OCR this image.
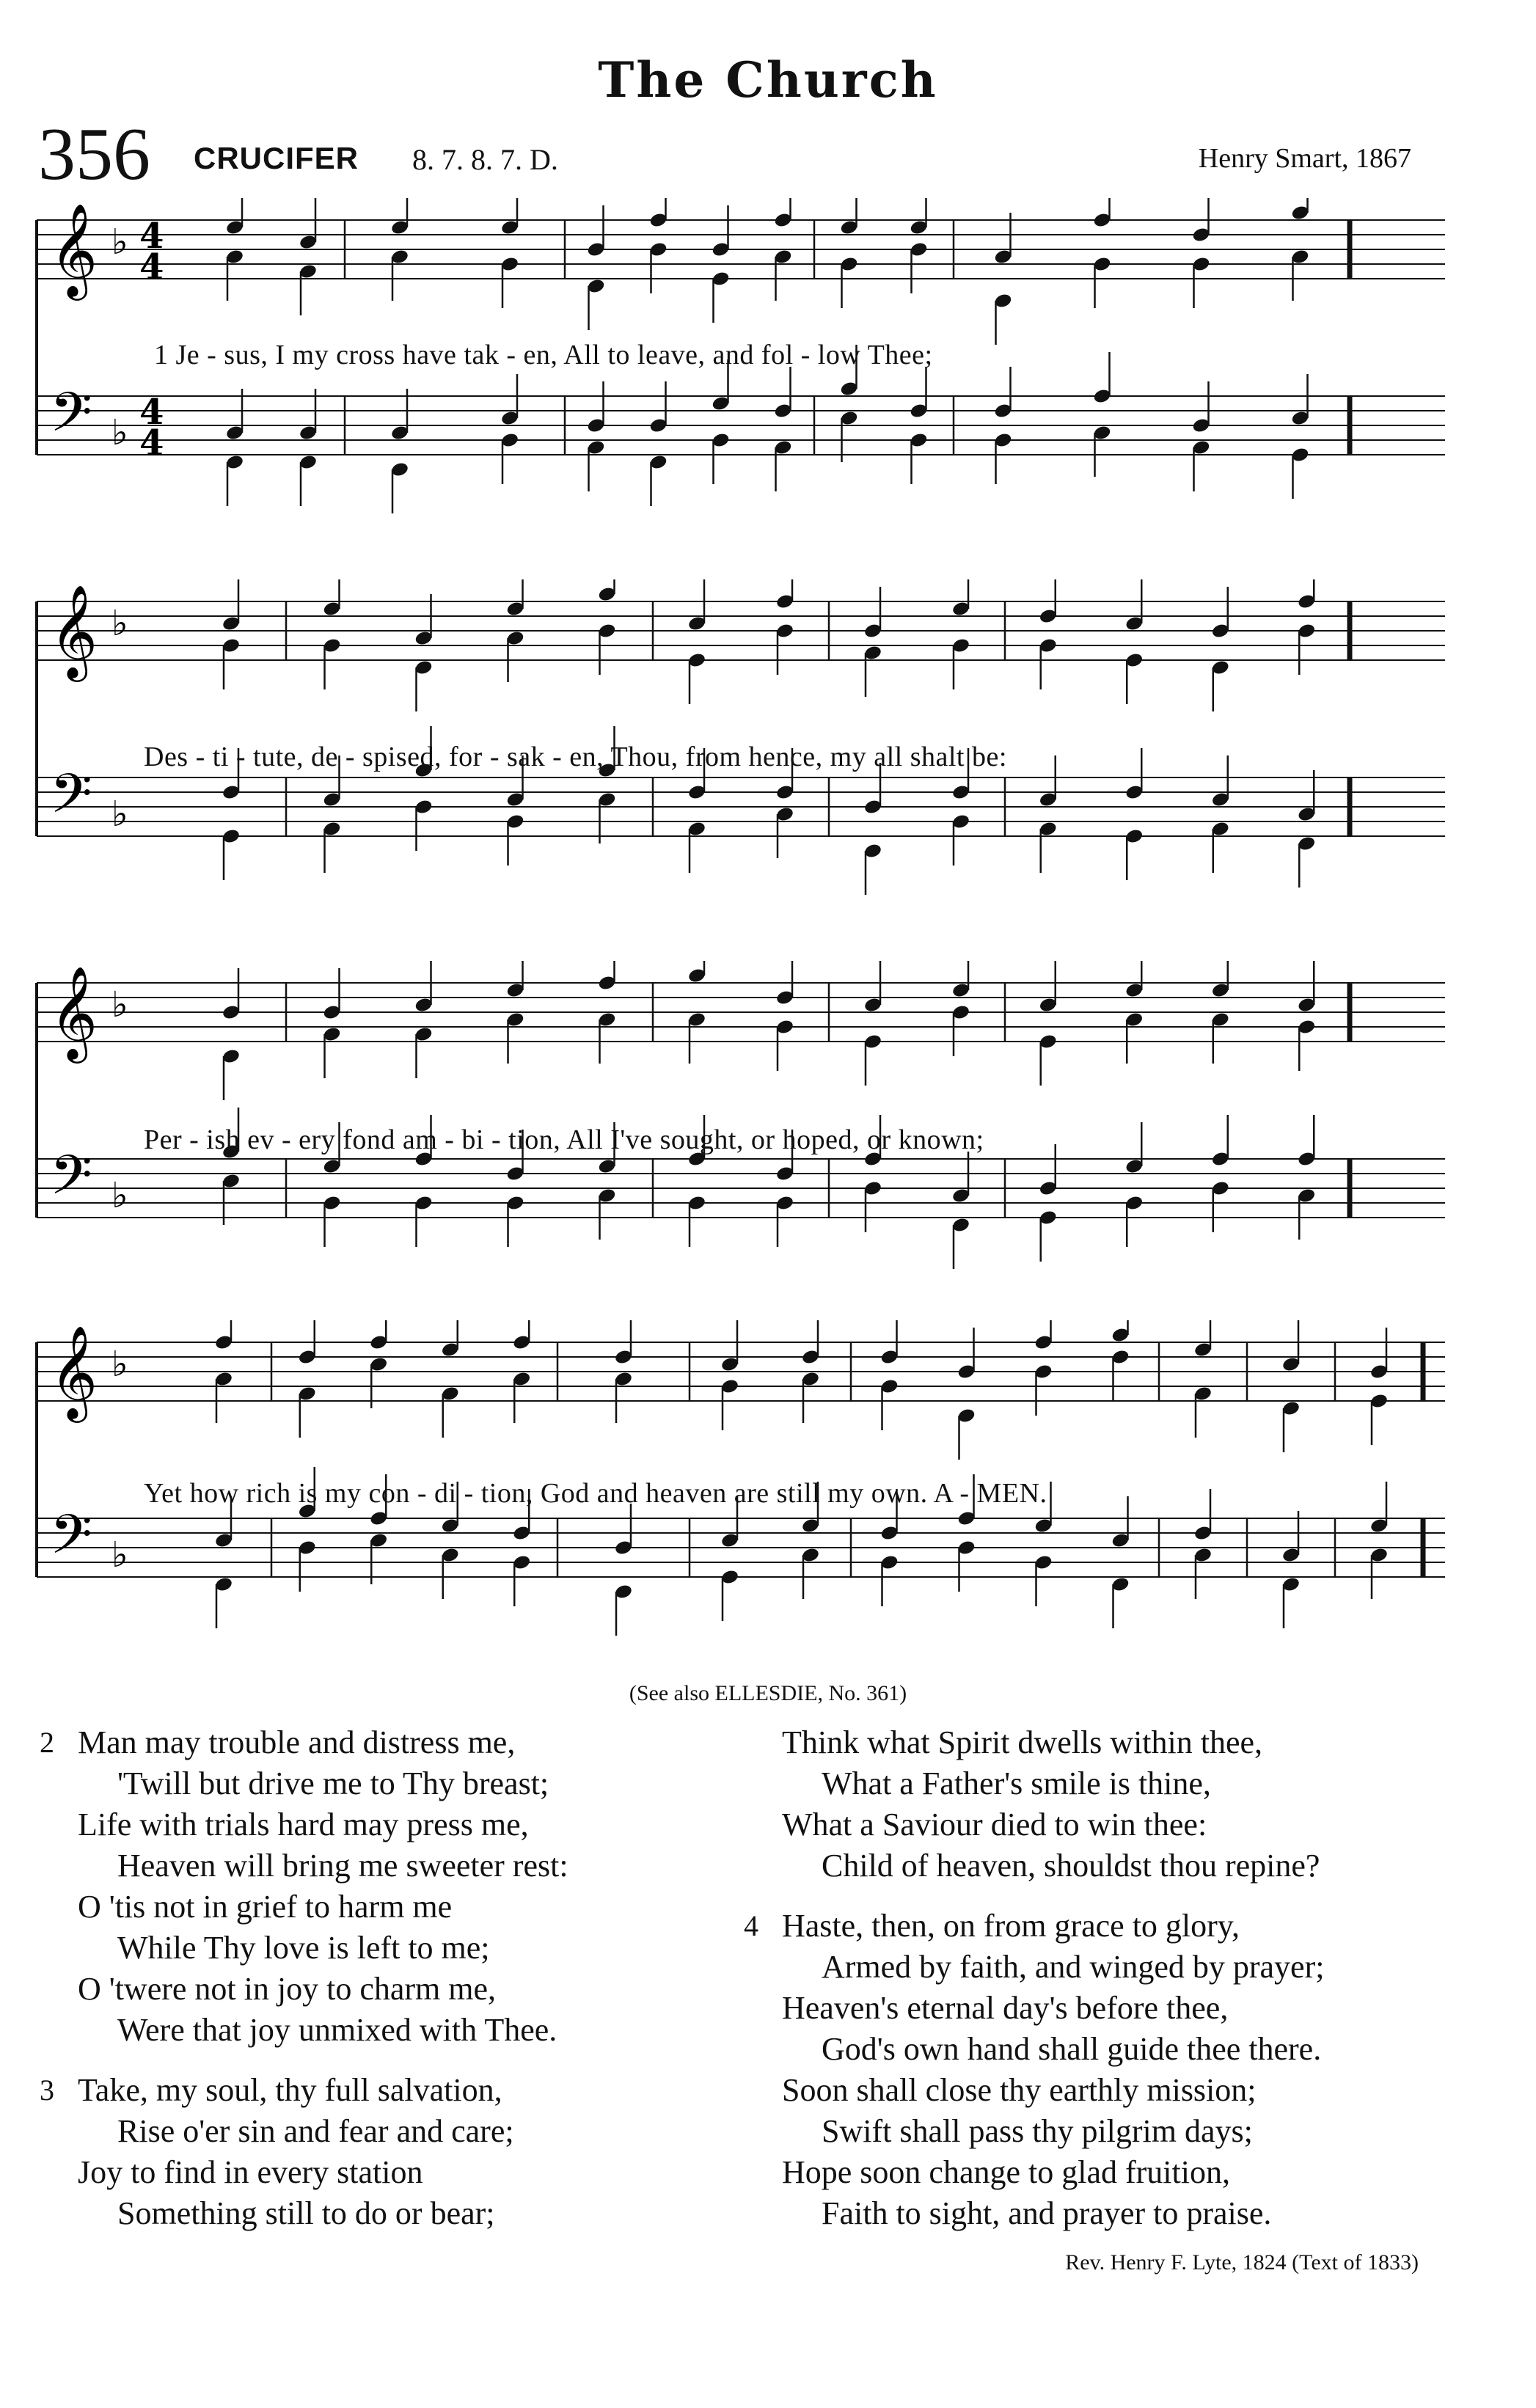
The Church
356 CRUCIFER 8. 7. 8. 7. D.	Henry Smart, 1867
𝄞
𝄢
♭
♭
4
4
4
4
1 Je - sus, I my cross have tak - en, All to leave, and fol - low Thee;
𝄞
𝄢
♭
♭
Des - ti - tute, de - spised, for - sak - en, Thou, from hence, my all shalt be:
𝄞
𝄢
♭
♭
Per - ish ev - ery fond am - bi - tion, All I've sought, or hoped, or known;
𝄞
𝄢
♭
♭
Yet how rich is my con - di - tion, God and heaven are still my own. A - MEN.
(See also ELLESDIE, No. 361)
2 Man may trouble and distress me,
'Twill but drive me to Thy breast;
Life with trials hard may press me,
Heaven will bring me sweeter rest:
O 'tis not in grief to harm me
While Thy love is left to me;
O 'twere not in joy to charm me,
Were that joy unmixed with Thee.
3 Take, my soul, thy full salvation,
Rise o'er sin and fear and care;
Joy to find in every station
Something still to do or bear;
Think what Spirit dwells within thee,
What a Father's smile is thine,
What a Saviour died to win thee:
Child of heaven, shouldst thou repine?
4 Haste, then, on from grace to glory,
Armed by faith, and winged by prayer;
Heaven's eternal day's before thee,
God's own hand shall guide thee there.
Soon shall close thy earthly mission;
Swift shall pass thy pilgrim days;
Hope soon change to glad fruition,
Faith to sight, and prayer to praise.
Rev. Henry F. Lyte, 1824 (Text of 1833)
